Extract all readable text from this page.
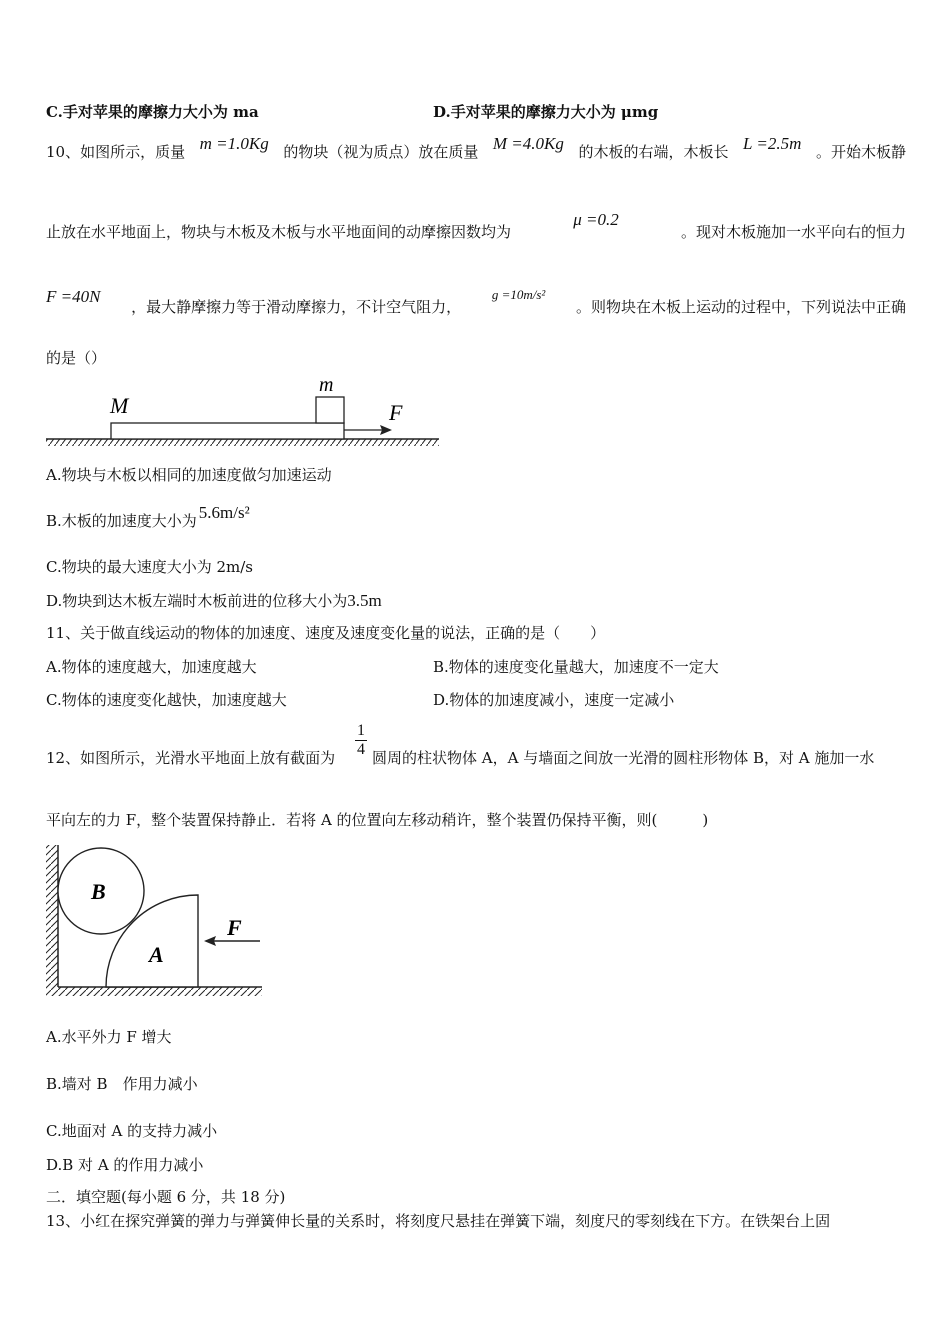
C.手对苹果的摩擦力大小为 ma	D.手对苹果的摩擦力大小为 μmg
10、如图所示，质量 m =1.0Kg 的物块（视为质点）放在质量 M =4.0Kg 的木板的右端，木板长 L =2.5m 。开始木板静
止放在水平地面上，物块与木板及木板与水平地面间的动摩擦因数均为
μ =0.2
。现对木板施加一水平向右的恒力
F =40N
，最大静摩擦力等于滑动摩擦力，不计空气阻力，
g =10m/s²
。则物块在木板上运动的过程中，下列说法中正确
的是（）
M
m
F
A.物块与木板以相同的加速度做匀加速运动
B.木板的加速度大小为 5.6m/s²
C.物块的最大速度大小为 2m/s
D.物块到达木板左端时木板前进的位移大小为3.5m
11、关于做直线运动的物体的加速度、速度及速度变化量的说法，正确的是（　　）
A.物体的速度越大，加速度越大	B.物体的速度变化量越大，加速度不一定大
C.物体的速度变化越快，加速度越大	D.物体的加速度减小，速度一定减小
12、如图所示，光滑水平地面上放有截面为 $\frac{1}{4}$ 圆周的柱状物体 A，A 与墙面之间放一光滑的圆柱形物体 B，对 A 施加一水
平向左的力 F，整个装置保持静止．若将 A 的位置向左移动稍许，整个装置仍保持平衡，则(　　　)
B
A
F
A.水平外力 F 增大
B.墙对 B　作用力减小
C.地面对 A 的支持力减小
D.B 对 A 的作用力减小
二．填空题(每小题 6 分，共 18 分)
13、小红在探究弹簧的弹力与弹簧伸长量的关系时，将刻度尺悬挂在弹簧下端，刻度尺的零刻线在下方。在铁架台上固
